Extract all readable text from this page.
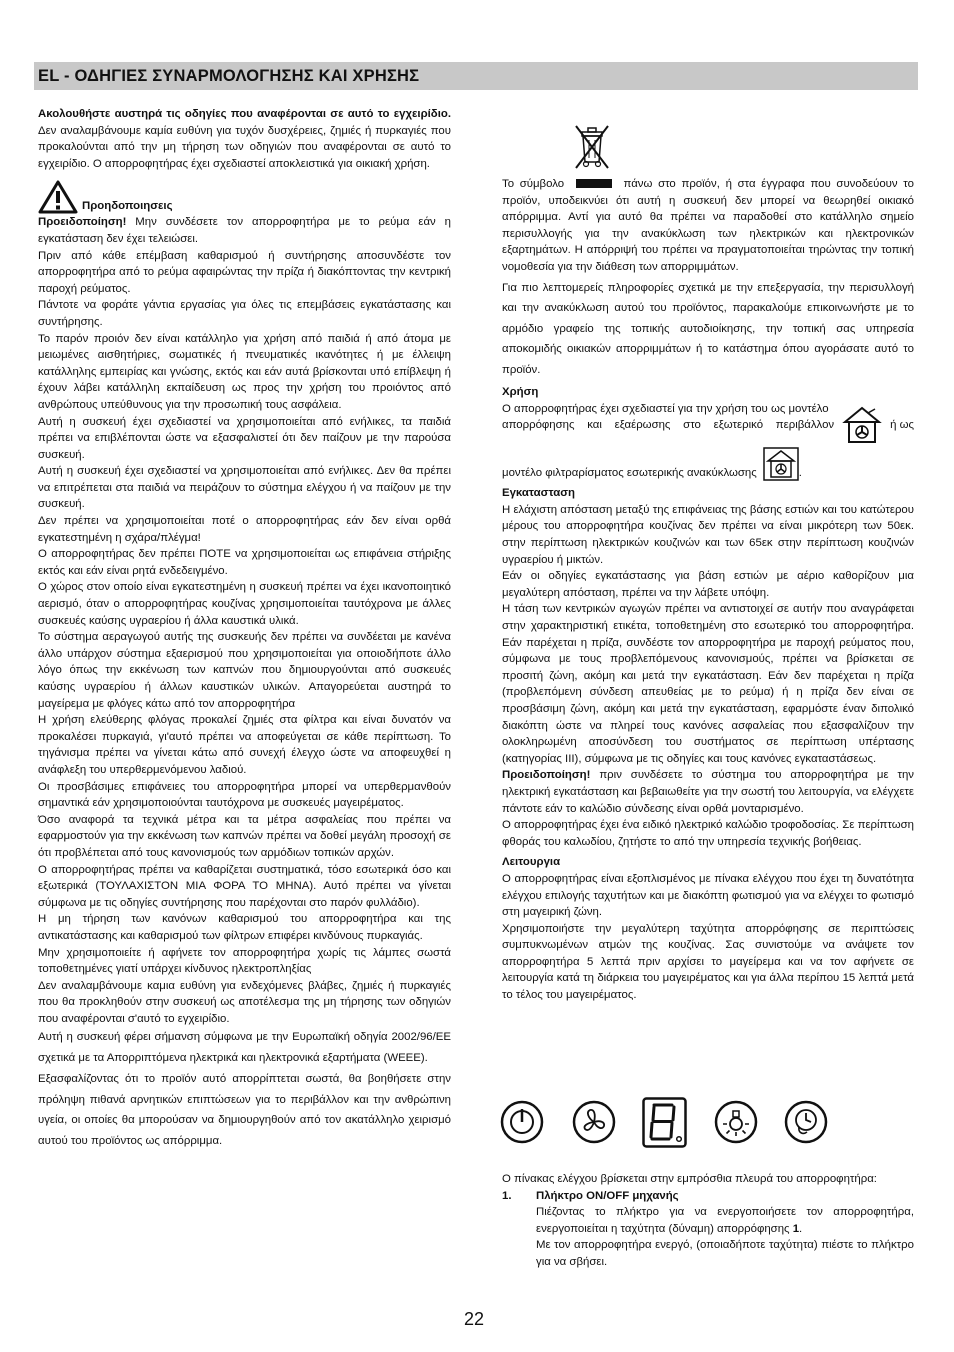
EL - ΟΔΗΓΙΕΣ ΣΥΝΑΡΜΟΛΟΓΗΣΗΣ ΚΑΙ ΧΡΗΣΗΣ

Ακολουθήστε αυστηρά τις οδηγίες που αναφέρονται σε αυτό το εγχειρίδιο. Δεν αναλαμβάνουμε καμία ευθύνη για τυχόν δυσχέρειες, ζημιές ή πυρκαγιές που προκαλούνται από την μη τήρηση των οδηγιών που αναφέρονται σε αυτό το εγχειρίδιο. Ο απορροφητήρας έχει σχεδιαστεί αποκλειστικά για οικιακή χρήση.

Προηδοποιησεις

Προειδοποίηση! Μην συνδέσετε τον απορροφητήρα με το ρεύμα εάν η εγκατάσταση δεν έχει τελειώσει.

Πριν από κάθε επέμβαση καθαρισμού ή συντήρησης αποσυνδέστε τον απορροφητήρα από το ρεύμα αφαιρώντας την πρίζα ή διακόπτοντας την κεντρική παροχή ρεύματος.

Πάντοτε να φοράτε γάντια εργασίας για όλες τις επεμβάσεις εγκατάστασης και συντήρησης.

Το παρόν προιόν δεν είναι κατάλληλο για χρήση από παιδιά ή από άτομα με μειωμένες αισθητήριες, σωματικές ή πνευματικές ικανότητες ή με έλλειψη κατάλληλης εμπειρίας και γνώσης, εκτός και εάν αυτά βρίσκονται υπό επίβλεψη ή έχουν λάβει κατάλληλη εκπαίδευση ως προς την χρήση του προιόντος από ανθρώπους υπεύθυνους για την προσωπική τους ασφάλεια.

Αυτή η συσκευή έχει σχεδιαστεί να χρησιμοποιείται από ενήλικες, τα παιδιά πρέπει να επιβλέπονται ώστε να εξασφαλιστεί ότι δεν παίζουν με την παρούσα συσκευή.

Αυτή η συσκευή έχει σχεδιαστεί να χρησιμοποιείται από ενήλικες. Δεν θα πρέπει να επιτρέπεται στα παιδιά να πειράζουν το σύστημα ελέγχου ή να παίζουν με την συσκευή.

Δεν πρέπει να χρησιμοποιείται ποτέ ο απορροφητήρας εάν δεν είναι ορθά εγκατεστημένη η σχάρα/πλέγμα!

Ο απορροφητήρας δεν πρέπει ΠΟΤΕ να χρησιμοποιείται ως επιφάνεια στήριξης εκτός και εάν είναι ρητά ενδεδειγμένο.

Ο χώρος στον οποίο είναι εγκατεστημένη η συσκευή πρέπει να έχει ικανοποιητικό αερισμό, όταν ο απορροφητήρας κουζίνας χρησιμοποιείται ταυτόχρονα με άλλες συσκευές καύσης υγραερίου ή άλλα καυστικά υλικά.

Το σύστημα αεραγωγού αυτής της συσκευής δεν πρέπει να συνδέεται με κανένα άλλο υπάρχον σύστημα εξαερισμού που χρησιμοποιείται για οποιοδήποτε άλλο λόγο όπως την εκκένωση των καπνών που δημιουργούνται από συσκευές καύσης υγραερίου ή άλλων καυστικών υλικών. Απαγορεύεται αυστηρά το μαγείρεμα με φλόγες κάτω από τον απορροφητήρα

Η χρήση ελεύθερης φλόγας προκαλεί ζημιές στα φίλτρα και είναι δυνατόν να προκαλέσει πυρκαγιά, γι'αυτό πρέπει να αποφεύγεται σε κάθε περίπτωση. Το τηγάνισμα πρέπει να γίνεται κάτω από συνεχή έλεγχο ώστε να αποφευχθεί η ανάφλεξη του υπερθερμενόμενου λαδιού.

Οι προσβάσιμες επιφάνειες του απορροφητήρα μπορεί να υπερθερμανθούν σημαντικά εάν χρησιμοποιούνται ταυτόχρονα με συσκευές μαγειρέματος.

Όσο αναφορά τα τεχνικά μέτρα και τα μέτρα ασφαλείας που πρέπει να εφαρμοστούν για την εκκένωση των καπνών πρέπει να δοθεί μεγάλη προσοχή σε ότι προβλέπεται από τους κανονισμούς των αρμόδιων τοπικών αρχών.

Ο απορροφητήρας πρέπει να καθαρίζεται συστηματικά, τόσο εσωτερικά όσο και εξωτερικά (ΤΟΥΛΑΧΙΣΤΟΝ ΜΙΑ ΦΟΡΑ ΤΟ ΜΗΝΑ). Αυτό πρέπει να γίνεται σύμφωνα με τις οδηγίες συντήρησης που παρέχονται στο παρόν φυλλάδιο).

Η μη τήρηση των κανόνων καθαρισμού του απορροφητήρα και της αντικατάστασης και καθαρισμού των φίλτρων επιφέρει κινδύνους πυρκαγιάς.

Μην χρησιμοποιείτε ή αφήνετε τον απορροφητήρα χωρίς τις λάμπες σωστά τοποθετημένες γιατί υπάρχει κίνδυνος ηλεκτροπληξίας

Δεν αναλαμβάνουμε καμια ευθύνη για ενδεχόμενες βλάβες, ζημιές ή πυρκαγιές που θα προκληθούν στην συσκευή ως αποτέλεσμα της μη τήρησης των οδηγιών που αναφέρονται σ'αυτό το εγχειρίδιο.

Αυτή η συσκευή φέρει σήμανση σύμφωνα με την Ευρωπαϊκή οδηγία 2002/96/ΕΕ σχετικά με τα Απορριπτόμενα ηλεκτρικά και ηλεκτρονικά εξαρτήματα (WEEE).

Εξασφαλίζοντας ότι το προϊόν αυτό απορρίπτεται σωστά, θα βοηθήσετε στην πρόληψη πιθανά αρνητικών επιπτώσεων για το περιβάλλον και την ανθρώπινη υγεία, οι οποίες θα μπορούσαν να δημιουργηθούν από τον ακατάλληλο χειρισμό αυτού του προϊόντος ως απόρριμμα.

Το σύμβολο	πάνω στο προϊόν, ή στα έγγραφα που συνοδεύουν το προϊόν, υποδεικνύει ότι αυτή η συσκευή δεν μπορεί να θεωρηθεί οικιακό απόρριμμα. Αντί για αυτό θα πρέπει να παραδοθεί στο κατάλληλο σημείο περισυλλογής για την ανακύκλωση των ηλεκτρικών και ηλεκτρονικών εξαρτημάτων. Η απόρριψή του πρέπει να πραγματοποιείται τηρώντας την τοπική νομοθεσία για την διάθεση των απορριμμάτων.

Για πιο λεπτομερείς πληροφορίες σχετικά με την επεξεργασία, την περισυλλογή και την ανακύκλωση αυτού του προϊόντος, παρακαλούμε επικοινωνήστε με το αρμόδιο γραφείο της τοπικής αυτοδιοίκησης, την τοπική σας υπηρεσία αποκομιδής οικιακών απορριμμάτων ή το κατάστημα όπου αγοράσατε αυτό το προϊόν.

Χρήση

Ο απορροφητήρας έχει σχεδιαστεί για την χρήση του ως μοντέλο

απορρόφησης και εξαέρωσης στο εξωτερικό περιβάλλον	ή ως
μοντέλο φιλτραρίσματος εσωτερικής ανακύκλωσης	.

Εγκατασταση

Η ελάχιστη απόσταση μεταξύ της επιφάνειας της βάσης εστιών και του κατώτερου μέρους του απορροφητήρα κουζίνας δεν πρέπει να είναι μικρότερη των 50εκ. στην περίπτωση ηλεκτρικών κουζινών και των 65εκ στην περίπτωση κουζινών υγραερίου ή μικτών.

Εάν οι οδηγίες εγκατάστασης για βάση εστιών με αέριο καθορίζουν μια μεγαλύτερη απόσταση, πρέπει να την λάβετε υπόψη.

Η τάση των κεντρικών αγωγών πρέπει να αντιστοιχεί σε αυτήν που αναγράφεται στην χαρακτηριστική ετικέτα, τοποθετημένη στο εσωτερικό του απορροφητήρα. Εάν παρέχεται η πρίζα, συνδέστε τον απορροφητήρα με παροχή ρεύματος που, σύμφωνα με τους προβλεπόμενους κανονισμούς, πρέπει να βρίσκεται σε προσιτή ζώνη, ακόμη και μετά την εγκατάσταση. Εάν δεν παρέχεται η πρίζα (προβλεπόμενη σύνδεση απευθείας με το ρεύμα) ή η πρίζα δεν είναι σε προσβάσιμη ζώνη, ακόμη και μετά την εγκατάσταση, εφαρμόστε έναν διπολικό διακόπτη ώστε να πληρεί τους κανόνες ασφαλείας που εξασφαλίζουν την ολοκληρωμένη αποσύνδεση του συστήματος σε περίπτωση υπέρτασης (κατηγορίας III), σύμφωνα με τις οδηγίες και τους κανόνες εγκαταστάσεως.

Προειδοποίηση! πριν συνδέσετε το σύστημα του απορροφητήρα με την ηλεκτρική εγκατάσταση και βεβαιωθείτε για την σωστή του λειτουργία, να ελέγχετε πάντοτε εάν το καλώδιο σύνδεσης είναι ορθά μονταρισμένο.

Ο απορροφητήρας έχει ένα ειδικό ηλεκτρικό καλώδιο τροφοδοσίας. Σε περίπτωση φθοράς του καλωδίου, ζητήστε το από την υπηρεσία τεχνικής βοήθειας.

Λειτουργια

Ο απορροφητήρας είναι εξοπλισμένος με πίνακα ελέγχου που έχει τη δυνατότητα ελέγχου επιλογής ταχυτήτων και με διακόπτη φωτισμού για να ελέγχει το φωτισμό στη μαγειρική ζώνη.

Χρησιμοποιήστε την μεγαλύτερη ταχύτητα απορρόφησης σε περιπτώσεις συμπυκνωμένων ατμών της κουζίνας. Σας συνιστούμε να ανάψετε τον απορροφητήρα 5 λεπτά πριν αρχίσει το μαγείρεμα και να τον αφήνετε σε λειτουργία κατά τη διάρκεια του μαγειρέματος και για άλλα περίπου 15 λεπτά μετά το τέλος του μαγειρέματος.

Ο πίνακας ελέγχου βρίσκεται στην εμπρόσθια πλευρά του απορροφητήρα:

1.	Πλήκτρο ON/OFF μηχανής

Πιέζοντας το πλήκτρο για να ενεργοποιήσετε τον απορροφητήρα, ενεργοποιείται η ταχύτητα (δύναμη) απορρόφησης 1.

Με τον απορροφητήρα ενεργό, (οποιαδήποτε ταχύτητα) πιέστε το πλήκτρο για να σβήσει.

22
